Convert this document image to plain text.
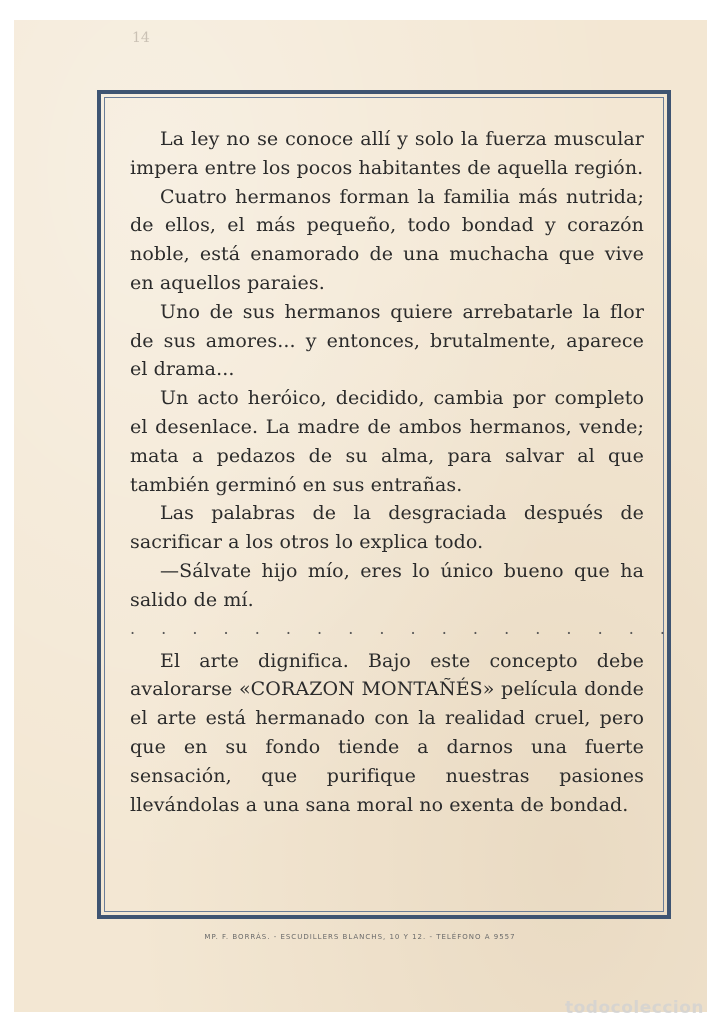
14

La ley no se conoce allí y solo la fuerza muscular impera entre los pocos habitantes de aquella región.

Cuatro hermanos forman la familia más nutrida; de ellos, el más pequeño, todo bondad y corazón noble, está enamorado de una muchacha que vive en aquellos paraies.

Uno de sus hermanos quiere arrebatarle la flor de sus amores... y entonces, brutalmente, aparece el drama...

Un acto heróico, decidido, cambia por completo el desenlace. La madre de ambos hermanos, vende; mata a pedazos de su alma, para salvar al que también germinó en sus entrañas.

Las palabras de la desgraciada después de sacrificar a los otros lo explica todo.

—Sálvate hijo mío, eres lo único bueno que ha salido de mí.

. . . . . . . . . . . . . . . . . .

El arte dignifica. Bajo este concepto debe avalorarse «CORAZON MONTAÑÉS» película donde el arte está hermanado con la realidad cruel, pero que en su fondo tiende a darnos una fuerte sensación, que purifique nuestras pasiones llevándolas a una sana moral no exenta de bondad.

MP. F. BORRÁS. - ESCUDILLERS BLANCHS, 10 Y 12. - TELÉFONO A 9557
todocoleccion
